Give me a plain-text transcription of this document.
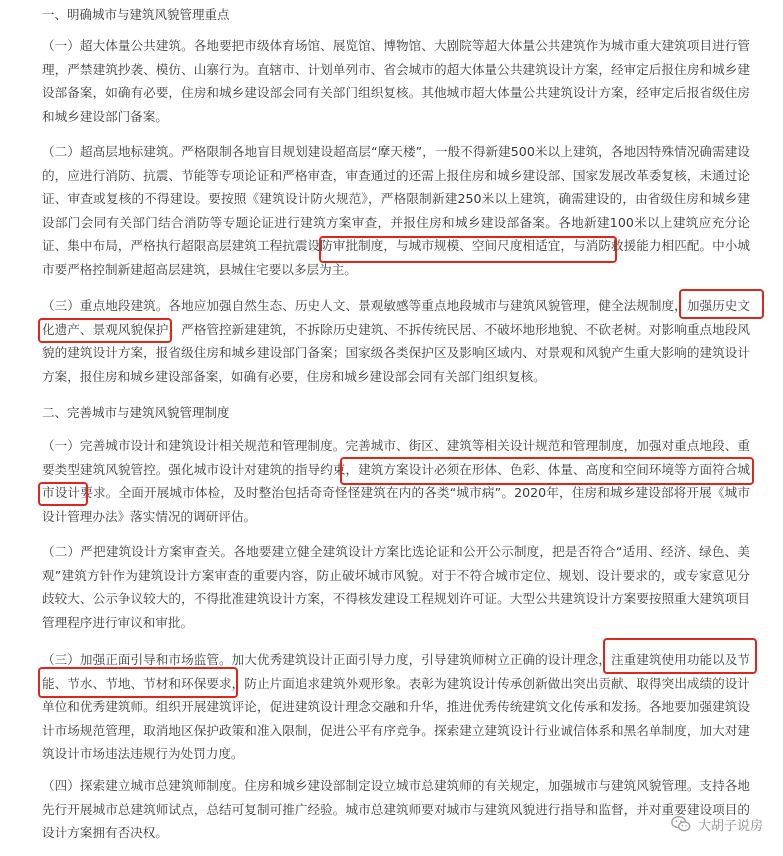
一、明确城市与建筑风貌管理重点

（一）超大体量公共建筑。各地要把市级体育场馆、展览馆、博物馆、大剧院等超大体量公共建筑作为城市重大建筑项目进行管理，严禁建筑抄袭、模仿、山寨行为。直辖市、计划单列市、省会城市的超大体量公共建筑设计方案，经审定后报住房和城乡建设部备案，如确有必要，住房和城乡建设部会同有关部门组织复核。其他城市超大体量公共建筑设计方案，经审定后报省级住房和城乡建设部门备案。

（二）超高层地标建筑。严格限制各地盲目规划建设超高层“摩天楼”，一般不得新建500米以上建筑，各地因特殊情况确需建设的，应进行消防、抗震、节能等专项论证和严格审查，审查通过的还需上报住房和城乡建设部、国家发展改革委复核，未通过论证、审查或复核的不得建设。要按照《建筑设计防火规范》，严格限制新建250米以上建筑，确需建设的，由省级住房和城乡建设部门会同有关部门结合消防等专题论证进行建筑方案审查，并报住房和城乡建设部备案。各地新建100米以上建筑应充分论证、集中布局，严格执行超限高层建筑工程抗震设防审批制度，与城市规模、空间尺度相适宜，与消防救援能力相匹配。中小城市要严格控制新建超高层建筑，县城住宅要以多层为主。

（三）重点地段建筑。各地应加强自然生态、历史人文、景观敏感等重点地段城市与建筑风貌管理，健全法规制度，加强历史文化遗产、景观风貌保护，严格管控新建建筑，不拆除历史建筑、不拆传统民居、不破坏地形地貌、不砍老树。对影响重点地段风貌的建筑设计方案，报省级住房和城乡建设部门备案；国家级各类保护区及影响区域内、对景观和风貌产生重大影响的建筑设计方案，报住房和城乡建设部备案，如确有必要，住房和城乡建设部会同有关部门组织复核。

二、完善城市与建筑风貌管理制度

（一）完善城市设计和建筑设计相关规范和管理制度。完善城市、街区、建筑等相关设计规范和管理制度，加强对重点地段、重要类型建筑风貌管控。强化城市设计对建筑的指导约束，建筑方案设计必须在形体、色彩、体量、高度和空间环境等方面符合城市设计要求。全面开展城市体检，及时整治包括奇奇怪怪建筑在内的各类“城市病”。2020年，住房和城乡建设部将开展《城市设计管理办法》落实情况的调研评估。

（二）严把建筑设计方案审查关。各地要建立健全建筑设计方案比选论证和公开公示制度，把是否符合“适用、经济、绿色、美观”建筑方针作为建筑设计方案审查的重要内容，防止破坏城市风貌。对于不符合城市定位、规划、设计要求的，或专家意见分歧较大、公示争议较大的，不得批准建筑设计方案，不得核发建设工程规划许可证。大型公共建筑设计方案要按照重大建筑项目管理程序进行审议和审批。

（三）加强正面引导和市场监管。加大优秀建筑设计正面引导力度，引导建筑师树立正确的设计理念，注重建筑使用功能以及节能、节水、节地、节材和环保要求，防止片面追求建筑外观形象。表彰为建筑设计传承创新做出突出贡献、取得突出成绩的设计单位和优秀建筑师。组织开展建筑评论，促进建筑设计理念交融和升华，推进优秀传统建筑文化传承和发扬。各地要加强建筑设计市场规范管理，取消地区保护政策和准入限制，促进公平有序竞争。探索建立建筑设计行业诚信体系和黑名单制度，加大对建筑设计市场违法违规行为处罚力度。

（四）探索建立城市总建筑师制度。住房和城乡建设部制定设立城市总建筑师的有关规定，加强城市与建筑风貌管理。支持各地先行开展城市总建筑师试点，总结可复制可推广经验。城市总建筑师要对城市与建筑风貌进行指导和监督，并对重要建设项目的设计方案拥有否决权。	大胡子说房
